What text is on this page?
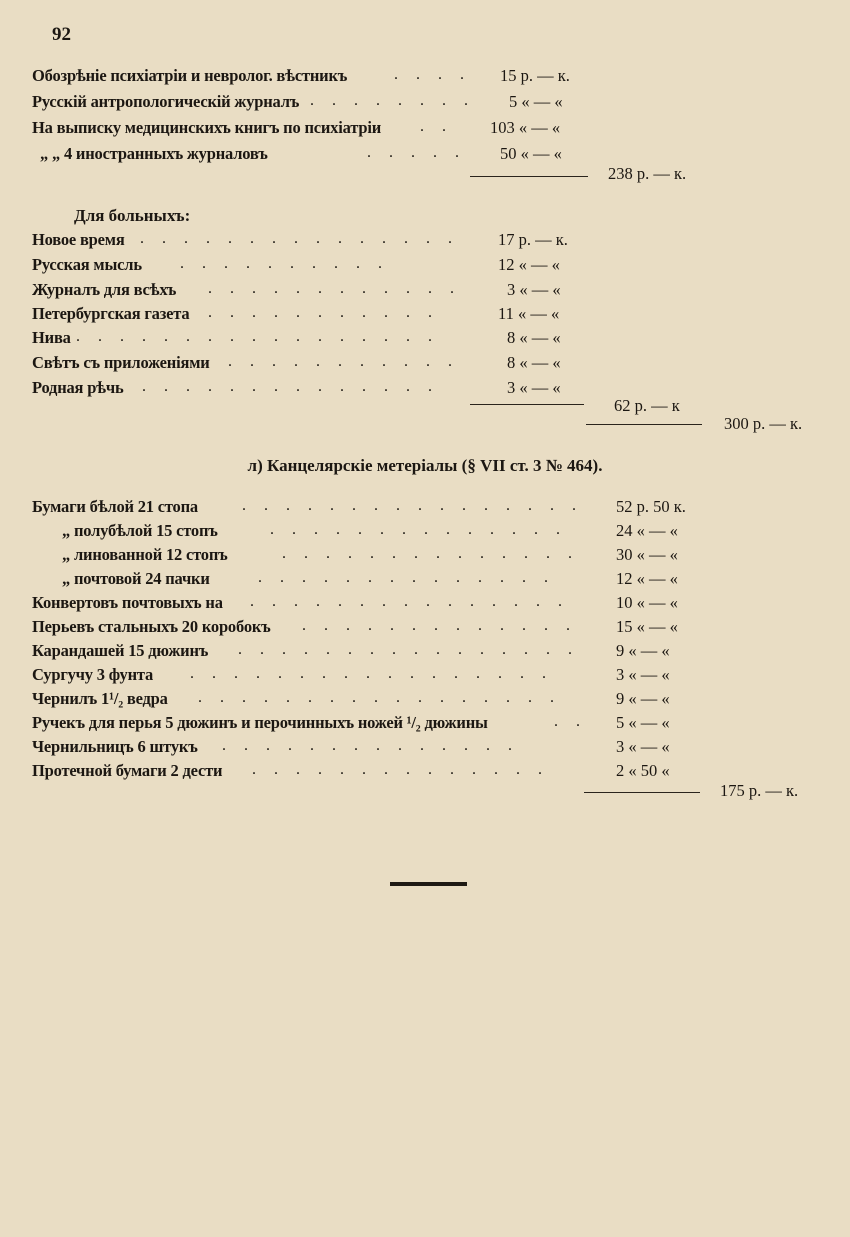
92
Обозрѣніе психіатріи и невролог. вѣстникъ	. . . .	15 р. — к.
Русскій антропологическій журналъ . . . . . . . .	5 « — «
На выписку медицинскихъ книгъ по психіатріи . .	103 « — «
„ „ 4 иностранныхъ журналовъ	. . . . .	50 « — «
238 р. — к.
Для больныхъ:
Новое время . . . . . . . . . . . . . . .	17 р. — к.
Русская мысль . . . . . . . . . .	12 « — «
Журналъ для всѣхъ . . . . . . . . . . . .	3 « — «
Петербургская газета . . . . . . . . . . .	11 « — «
Нива . . . . . . . . . . . . . . . . .	8 « — «
Свѣтъ съ приложеніями . . . . . . . . . . .	8 « — «
Родная рѣчь . . . . . . . . . . . . . .	3 « — «
62 р. — к
300 р. — к.
л) Канцелярскіе метеріалы (§ VII ст. 3 № 464).
Бумаги бѣлой 21 стопа	. . . . . . . . . . . . . . . .	52 р. 50 к.
„ полубѣлой 15 стопъ	. . . . . . . . . . . . . .	24 « — «
„ линованной 12 стопъ	. . . . . . . . . . . . . .	30 « — «
„ почтовой 24 пачки	. . . . . . . . . . . . . .	12 « — «
Конвертовъ почтовыхъ на . . . . . . . . . . . . . . .	10 « — «
Перьевъ стальныхъ 20 коробокъ . . . . . . . . . . . . .	15 « — «
Карандашей 15 дюжинъ . . . . . . . . . . . . . . . .	9 « — «
Сургучу 3 фунта . . . . . . . . . . . . . . . . .	3 « — «
Чернилъ 1¹/₂ ведра . . . . . . . . . . . . . . . . .	9 « — «
Ручекъ для перья 5 дюжинъ и перочинныхъ ножей ¹/₂ дюжины	. .	5 « — «
Чернильницъ 6 штукъ . . . . . . . . . . . . . .	3 « — «
Протечной бумаги 2 дести . . . . . . . . . . . . . .	2 « 50 «
175 р. — к.
